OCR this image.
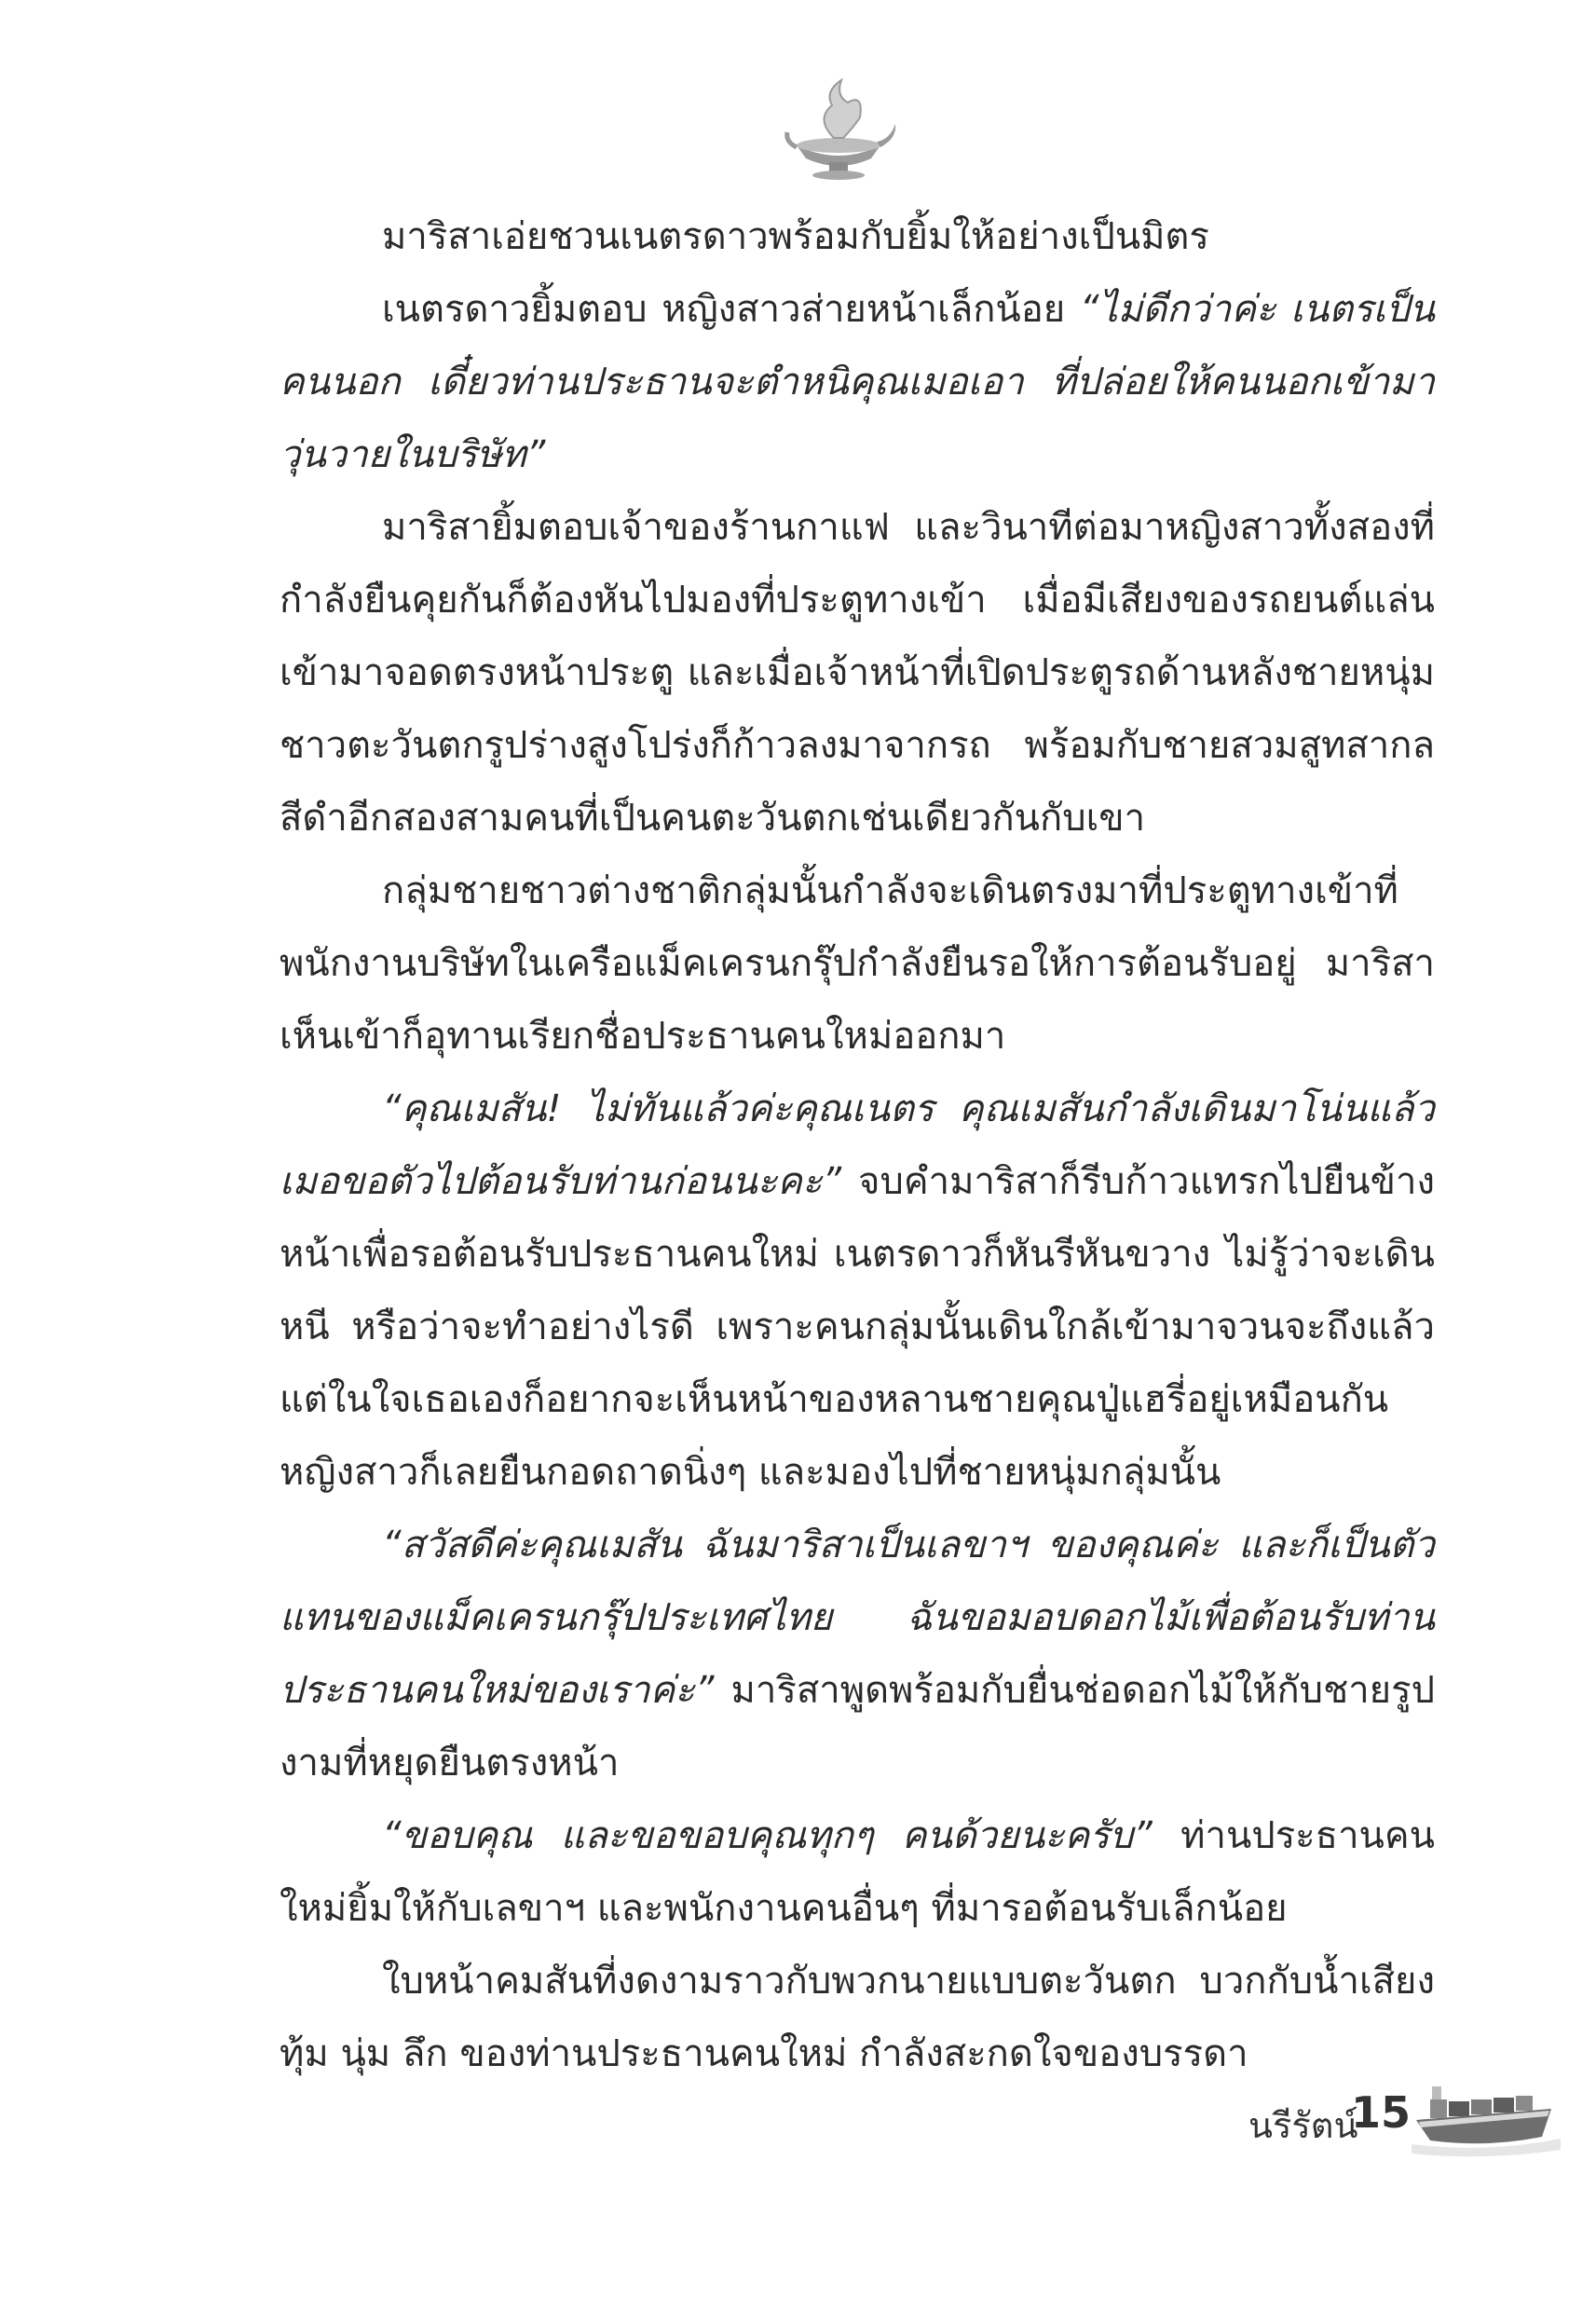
มาริสาเอ่ยชวนเนตรดาวพร้อมกับยิ้มให้อย่างเป็นมิตร

เนตรดาวยิ้มตอบ หญิงสาวส่ายหน้าเล็กน้อย “ไม่ดีกว่าค่ะ เนตรเป็นคนนอก เดี๋ยวท่านประธานจะตำหนิคุณเมอเอา ที่ปล่อยให้คนนอกเข้ามาวุ่นวายในบริษัท”

มาริสายิ้มตอบเจ้าของร้านกาแฟ และวินาทีต่อมาหญิงสาวทั้งสองที่กำลังยืนคุยกันก็ต้องหันไปมองที่ประตูทางเข้า เมื่อมีเสียงของรถยนต์แล่นเข้ามาจอดตรงหน้าประตู และเมื่อเจ้าหน้าที่เปิดประตูรถด้านหลังชายหนุ่มชาวตะวันตกรูปร่างสูงโปร่งก็ก้าวลงมาจากรถ พร้อมกับชายสวมสูทสากลสีดำอีกสองสามคนที่เป็นคนตะวันตกเช่นเดียวกันกับเขา

กลุ่มชายชาวต่างชาติกลุ่มนั้นกำลังจะเดินตรงมาที่ประตูทางเข้าที่พนักงานบริษัทในเครือแม็คเครนกรุ๊ปกำลังยืนรอให้การต้อนรับอยู่ มาริสาเห็นเข้าก็อุทานเรียกชื่อประธานคนใหม่ออกมา

“คุณเมสัน! ไม่ทันแล้วค่ะคุณเนตร คุณเมสันกำลังเดินมาโน่นแล้ว เมอขอตัวไปต้อนรับท่านก่อนนะคะ” จบคำมาริสาก็รีบก้าวแทรกไปยืนข้างหน้าเพื่อรอต้อนรับประธานคนใหม่ เนตรดาวก็หันรีหันขวาง ไม่รู้ว่าจะเดินหนี หรือว่าจะทำอย่างไรดี เพราะคนกลุ่มนั้นเดินใกล้เข้ามาจวนจะถึงแล้ว แต่ในใจเธอเองก็อยากจะเห็นหน้าของหลานชายคุณปู่แฮรี่อยู่เหมือนกัน หญิงสาวก็เลยยืนกอดถาดนิ่งๆ และมองไปที่ชายหนุ่มกลุ่มนั้น

“สวัสดีค่ะคุณเมสัน ฉันมาริสาเป็นเลขาฯ ของคุณค่ะ และก็เป็นตัวแทนของแม็คเครนกรุ๊ปประเทศไทย ฉันขอมอบดอกไม้เพื่อต้อนรับท่านประธานคนใหม่ของเราค่ะ” มาริสาพูดพร้อมกับยื่นช่อดอกไม้ให้กับชายรูปงามที่หยุดยืนตรงหน้า

“ขอบคุณ และขอขอบคุณทุกๆ คนด้วยนะครับ” ท่านประธานคนใหม่ยิ้มให้กับเลขาฯ และพนักงานคนอื่นๆ ที่มารอต้อนรับเล็กน้อย

ใบหน้าคมสันที่งดงามราวกับพวกนายแบบตะวันตก บวกกับน้ำเสียงทุ้ม นุ่ม ลึก ของท่านประธานคนใหม่ กำลังสะกดใจของบรรดา

นรีรัตน์
15
